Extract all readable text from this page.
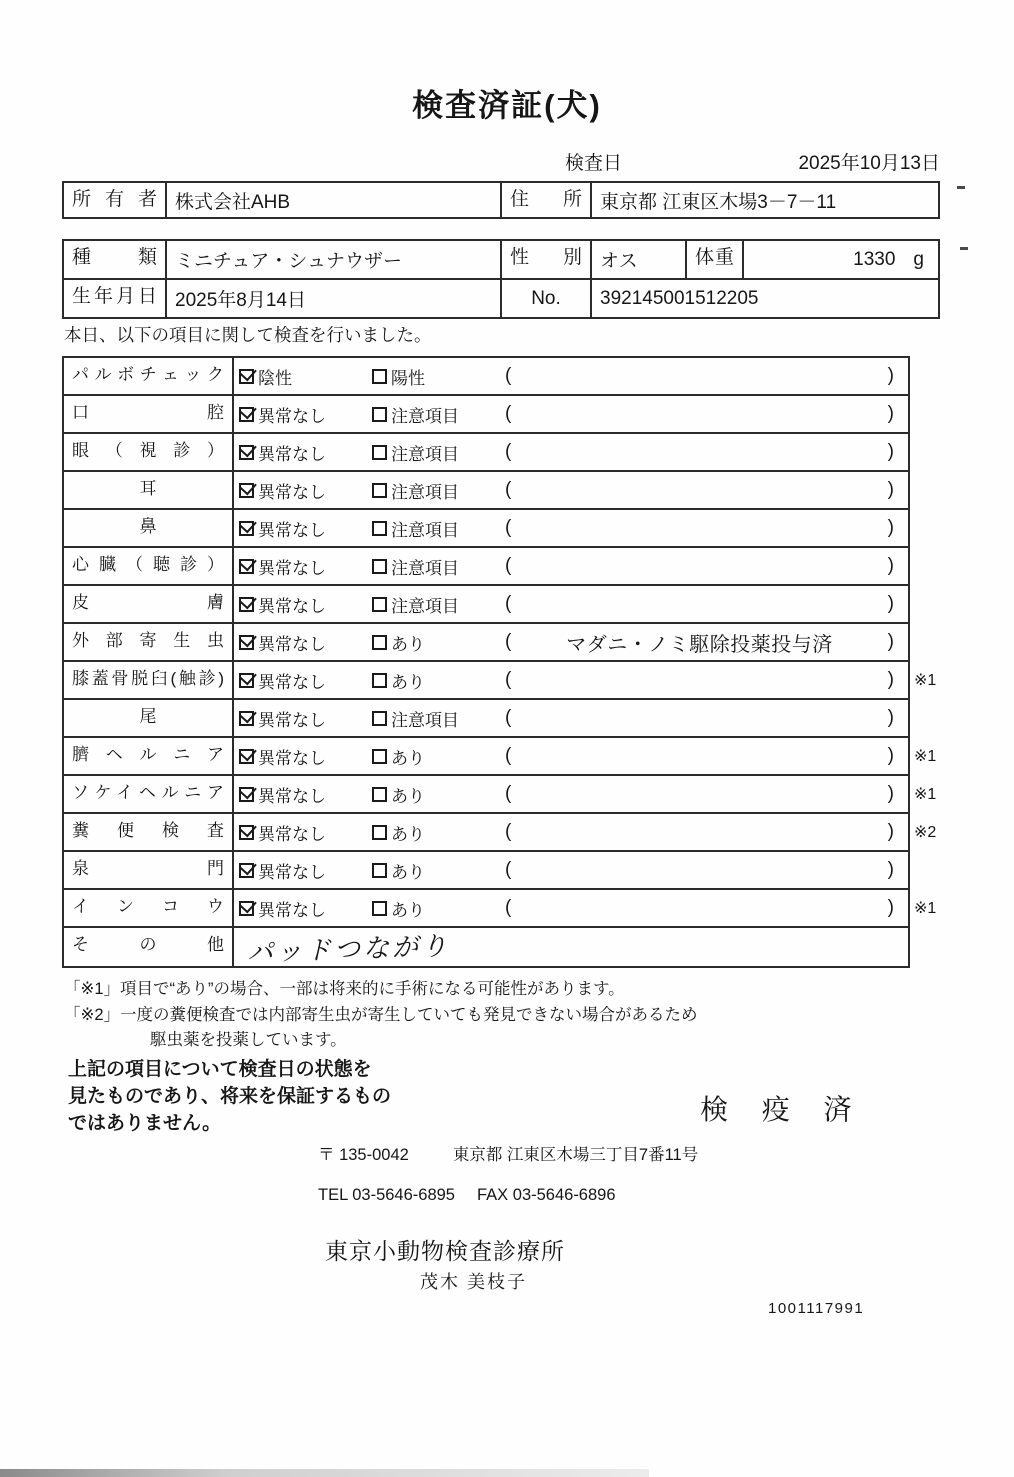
検査済証(犬)
検査日	2025年10月13日
所有者 株式会社AHB	住所 東京都 江東区木場3－7－11
種類 ミニチュア・シュナウザー	性別 オス	体重	1330 g
生年月日 2025年8月14日	No.	392145001512205
本日、以下の項目に関して検査を行いました。
パルボチェック	陰性	陽性	(	)
口腔	異常なし	注意項目 (	)
眼（視診）	異常なし	注意項目 (	)
耳	異常なし	注意項目 (	)
鼻	異常なし	注意項目 (	)
心臓（聴診）	異常なし	注意項目 (	)
皮膚	異常なし	注意項目 (	)
外部寄生虫	異常なし	あり	(	マダニ・ノミ駆除投薬投与済	)
膝蓋骨脱臼(触診)	異常なし	あり	(	) ※1
尾	異常なし	注意項目 (	)
臍ヘルニア	異常なし	あり	(	) ※1
ソケイヘルニア	異常なし	あり	(	) ※1
糞便検査	異常なし	あり	(	) ※2
泉門	異常なし	あり	(	)
インコウ	異常なし	あり	(	) ※1
その他 パッドつながり
「※1」項目で“あり”の場合、一部は将来的に手術になる可能性があります。
「※2」一度の糞便検査では内部寄生虫が寄生していても発見できない場合があるため
駆虫薬を投薬しています。
上記の項目について検査日の状態を
見たものであり、将来を保証するもの
ではありません。	検 疫 済
〒 135-0042	東京都 江東区木場三丁目7番11号
TEL 03-5646-6895 FAX 03-5646-6896
東京小動物検査診療所
茂木 美枝子
1001117991
